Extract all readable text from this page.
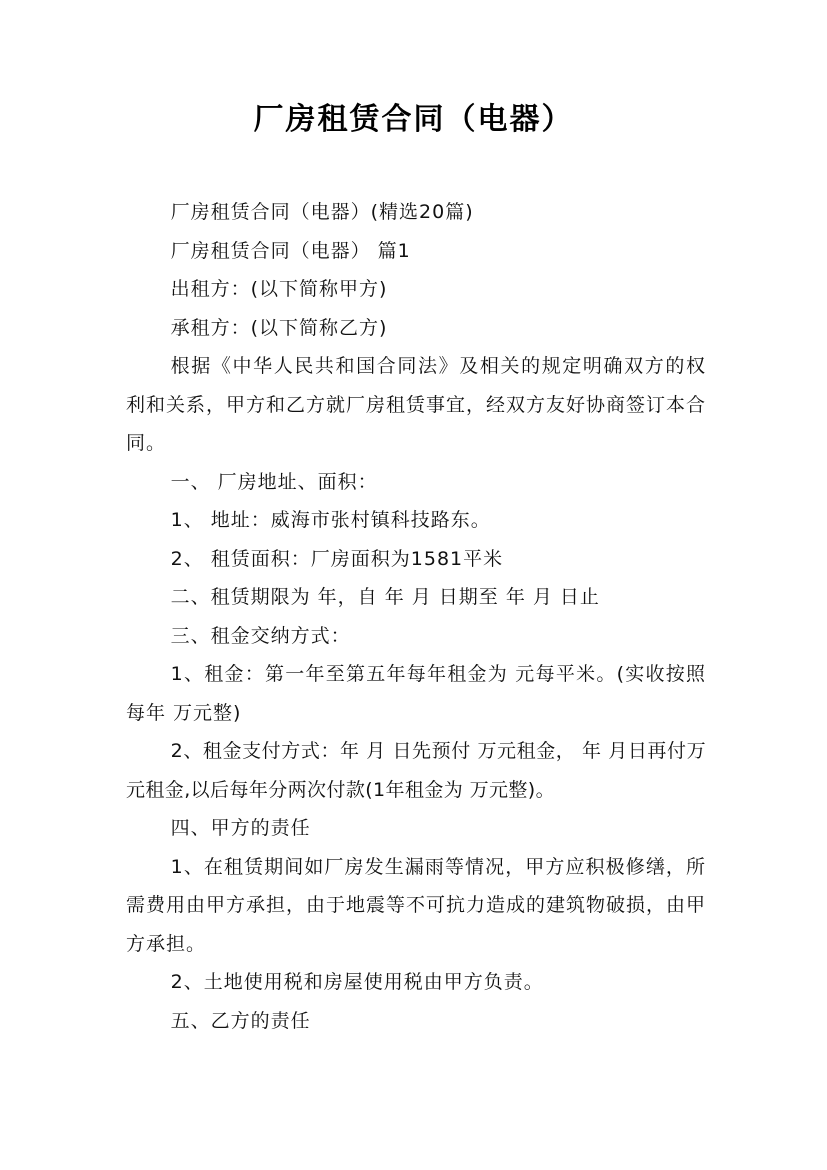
厂房租赁合同（电器）

厂房租赁合同（电器）(精选20篇)

厂房租赁合同（电器） 篇1

出租方：(以下简称甲方)

承租方：(以下简称乙方)

根据《中华人民共和国合同法》及相关的规定明确双方的权利和关系，甲方和乙方就厂房租赁事宜，经双方友好协商签订本合同。

一、 厂房地址、面积：

1、 地址：威海市张村镇科技路东。

2、 租赁面积：厂房面积为1581平米

二、租赁期限为 年，自 年 月 日期至 年 月 日止

三、租金交纳方式：

1、租金：第一年至第五年每年租金为 元每平米。(实收按照每年 万元整)

2、租金支付方式：年 月 日先预付 万元租金， 年 月日再付万元租金,以后每年分两次付款(1年租金为 万元整)。

四、甲方的责任

1、在租赁期间如厂房发生漏雨等情况，甲方应积极修缮，所需费用由甲方承担，由于地震等不可抗力造成的建筑物破损，由甲方承担。

2、土地使用税和房屋使用税由甲方负责。

五、乙方的责任
